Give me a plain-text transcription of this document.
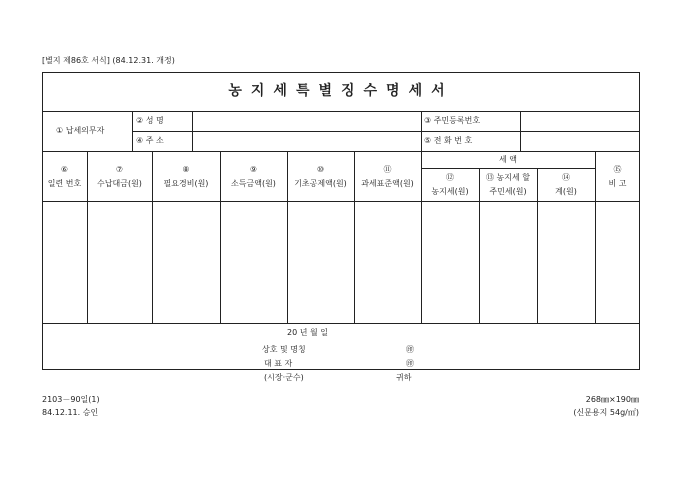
[별지 제86호 서식] (84.12.31. 개정)
농지세특별징수명세서
① 납세의무자
② 성 명
④ 주 소
③ 주민등록번호
⑤ 전 화 번 호
⑥
일련 번호
⑦
수납대금(원)
⑧
필요경비(원)
⑨
소득금액(원)
⑩
기초공제액(원)
⑪
과세표준액(원)
세 액
⑫
농지세(원)
⑬ 농지세 할
주민세(원)
⑭
계(원)
⑮
비 고
20 년 월 일
상호 및 명칭
대 표 자
㊞
㊞
(시장·군수)	귀하
2103－90일(1)
84.12.11. 승인
268㎜×190㎜
(신문용지 54g/㎡)
